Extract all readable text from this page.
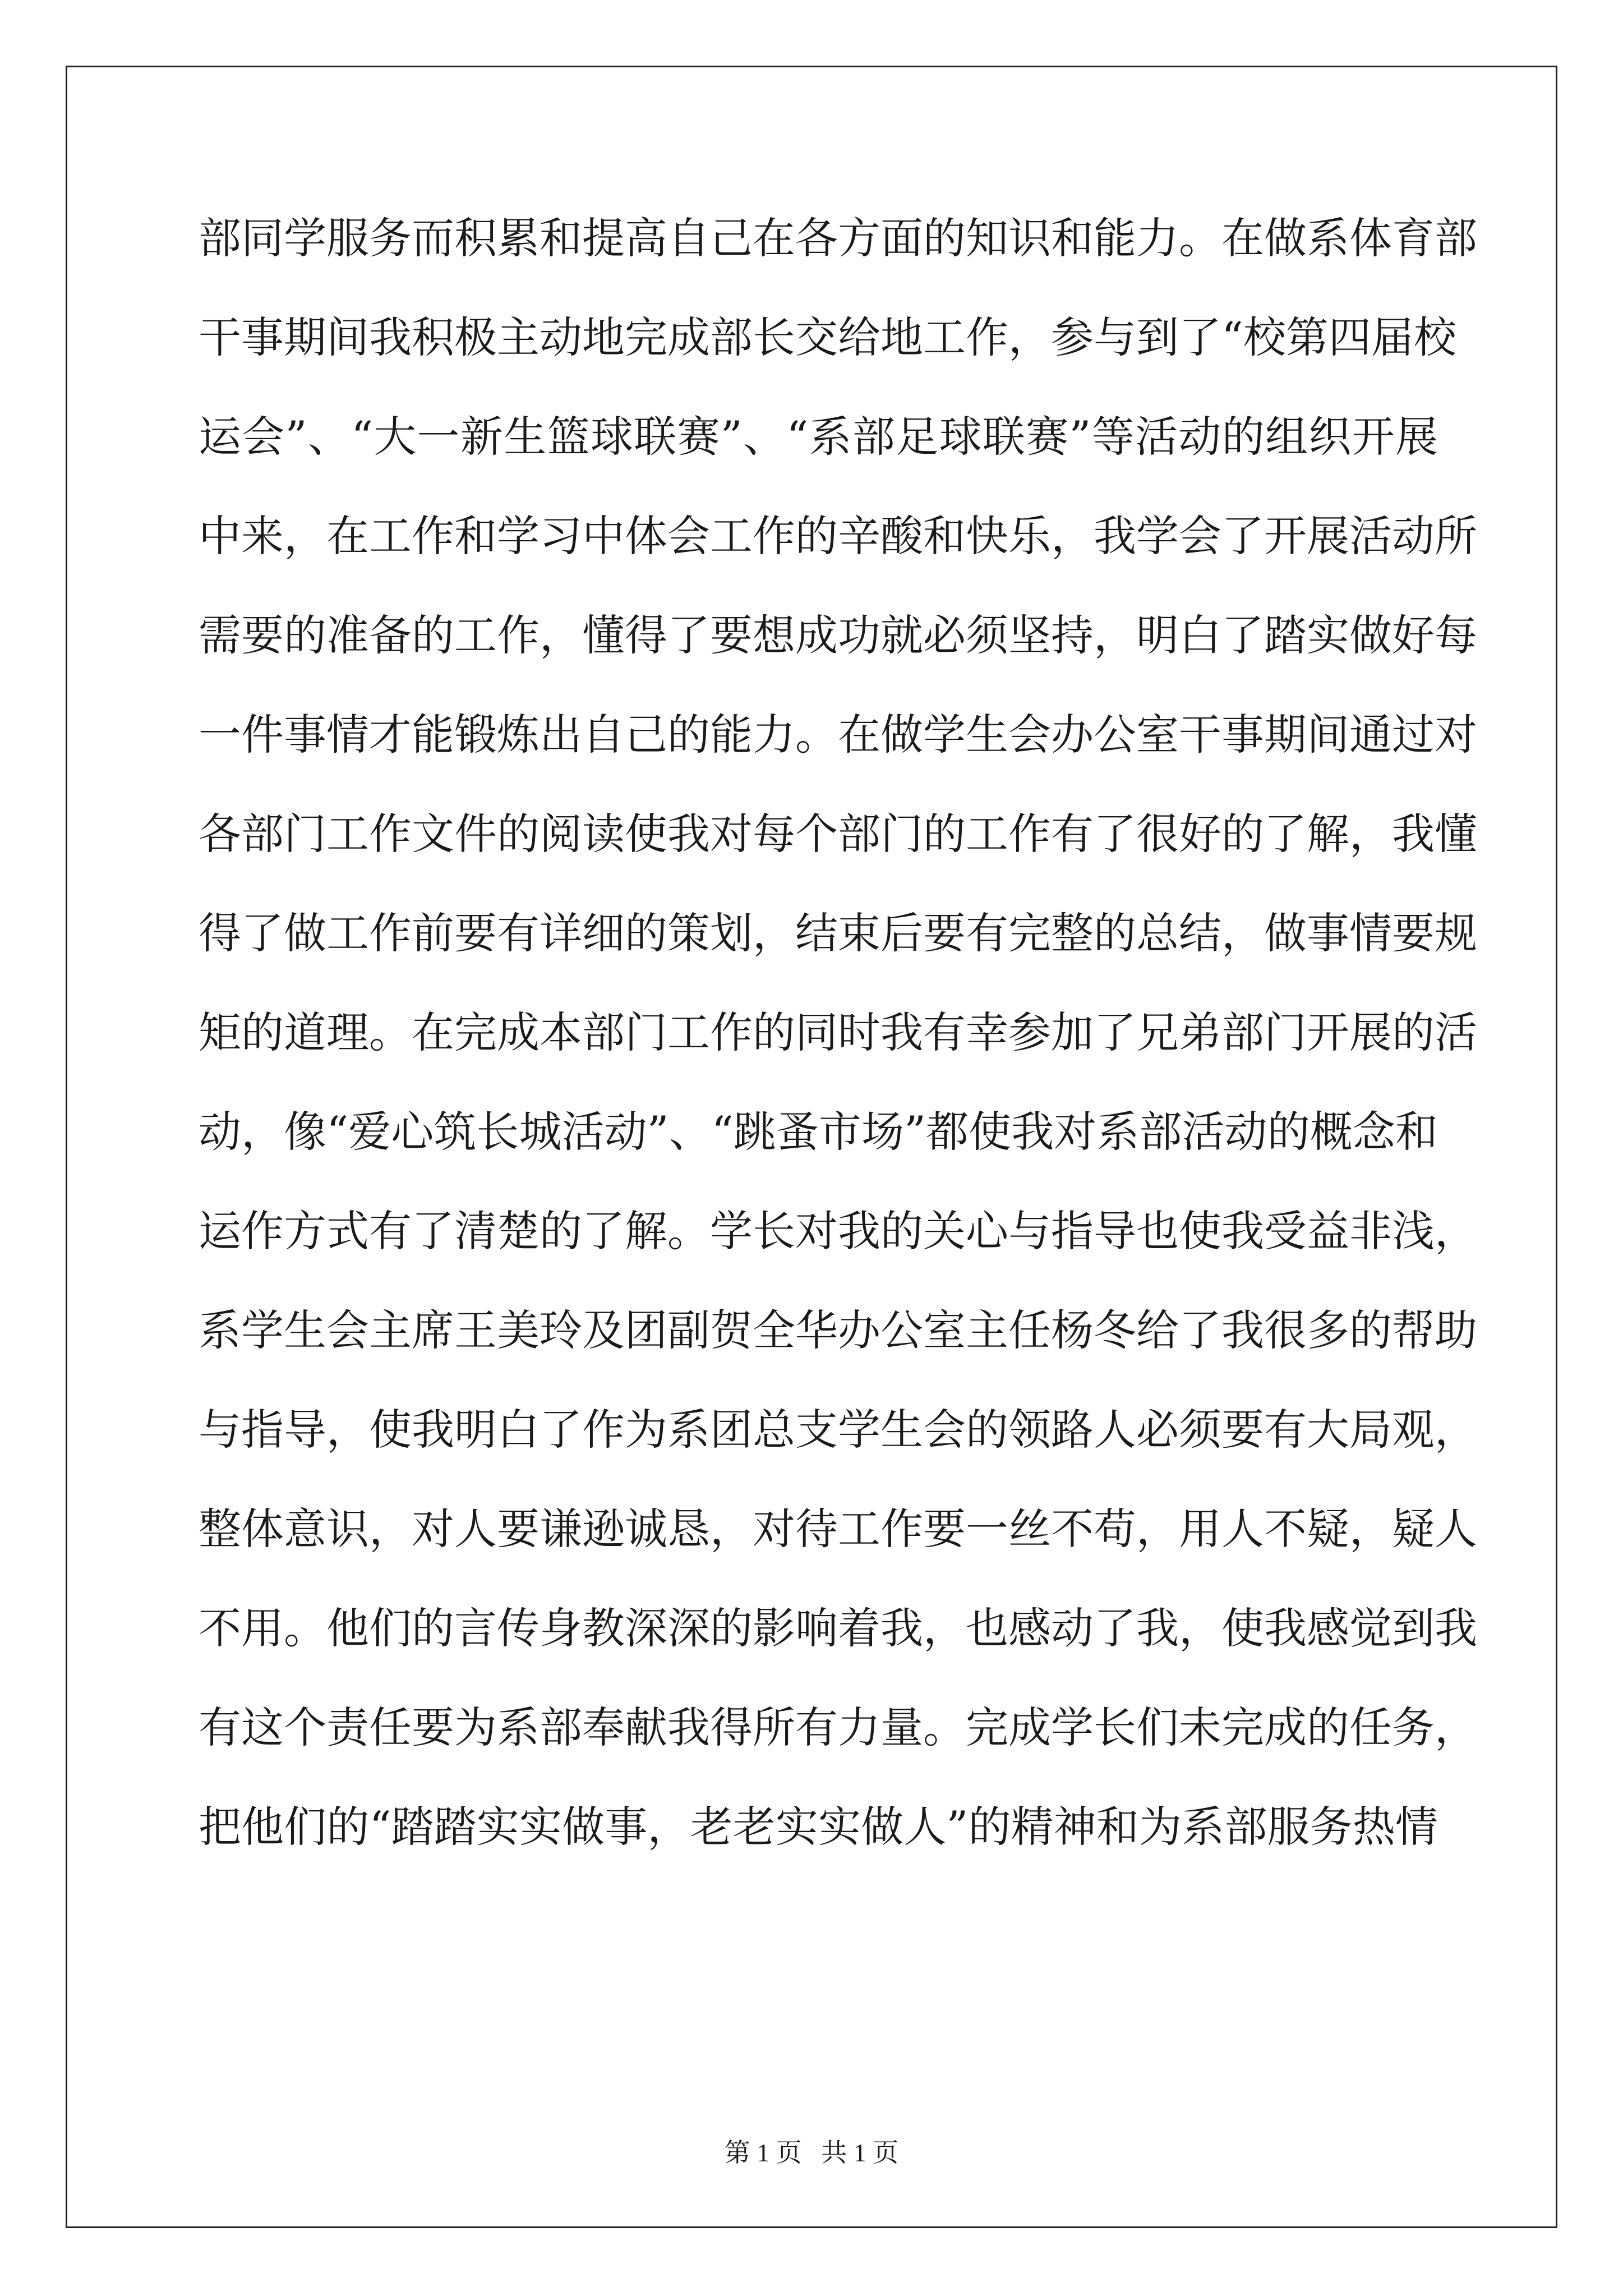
部同学服务而积累和提高自己在各方面的知识和能力。在做系体育部
干事期间我积极主动地完成部长交给地工作，参与到了“校第四届校
运会”、“大一新生篮球联赛”、“系部足球联赛”等活动的组织开展
中来，在工作和学习中体会工作的辛酸和快乐，我学会了开展活动所
需要的准备的工作，懂得了要想成功就必须坚持，明白了踏实做好每
一件事情才能锻炼出自己的能力。在做学生会办公室干事期间通过对
各部门工作文件的阅读使我对每个部门的工作有了很好的了解，我懂
得了做工作前要有详细的策划，结束后要有完整的总结，做事情要规
矩的道理。在完成本部门工作的同时我有幸参加了兄弟部门开展的活
动，像“爱心筑长城活动”、“跳蚤市场”都使我对系部活动的概念和
运作方式有了清楚的了解。学长对我的关心与指导也使我受益非浅，
系学生会主席王美玲及团副贺全华办公室主任杨冬给了我很多的帮助
与指导，使我明白了作为系团总支学生会的领路人必须要有大局观，
整体意识，对人要谦逊诚恳，对待工作要一丝不苟，用人不疑，疑人
不用。他们的言传身教深深的影响着我，也感动了我，使我感觉到我
有这个责任要为系部奉献我得所有力量。完成学长们未完成的任务，
把他们的“踏踏实实做事，老老实实做人”的精神和为系部服务热情
第 1 页   共 1 页
